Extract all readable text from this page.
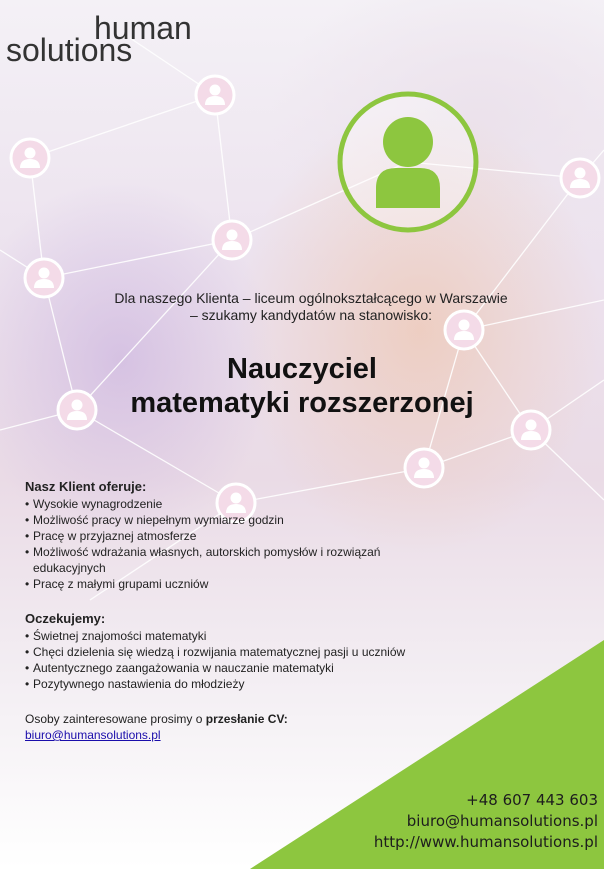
human
solutions
Dla naszego Klienta – liceum ogólnokształcącego w Warszawie
– szukamy kandydatów na stanowisko:
Nauczyciel
matematyki rozszerzonej
Nasz Klient oferuje:
• Wysokie wynagrodzenie
• Możliwość pracy w niepełnym wymiarze godzin
• Pracę w przyjaznej atmosferze
• Możliwość wdrażania własnych, autorskich pomysłów i rozwiązań edukacyjnych
• Pracę z małymi grupami uczniów
Oczekujemy:
• Świetnej znajomości matematyki
• Chęci dzielenia się wiedzą i rozwijania matematycznej pasji u uczniów
• Autentycznego zaangażowania w nauczanie matematyki
• Pozytywnego nastawienia do młodzieży
Osoby zainteresowane prosimy o przesłanie CV:
biuro@humansolutions.pl
+48 607 443 603
biuro@humansolutions.pl
http://www.humansolutions.pl
